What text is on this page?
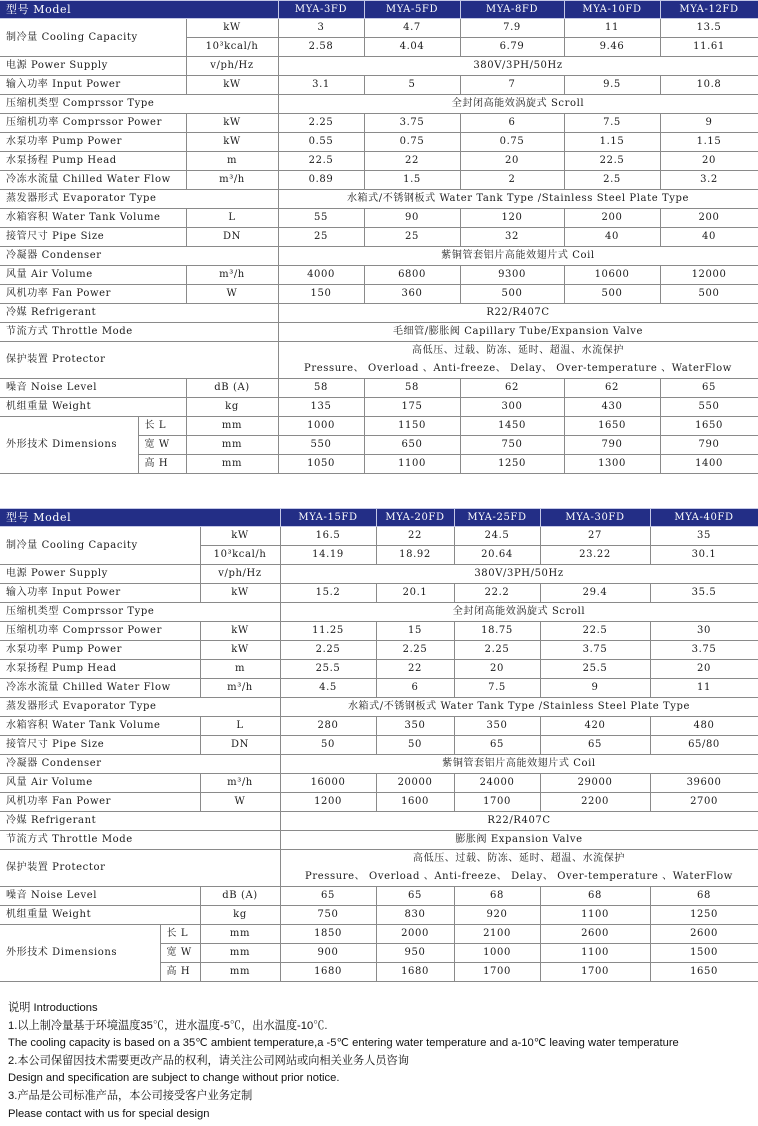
型号 Model			MYA-3FD	MYA-5FD	MYA-8FD	MYA-10FD	MYA-12FD
制冷量 Cooling Capacity		kW	3	4.7	7.9	11	13.5
		10³kcal/h	2.58	4.04	6.79	9.46	11.61
电源 Power Supply		v/ph/Hz	380V/3PH/50Hz				
输入功率 Input Power		kW	3.1	5	7	9.5	10.8
压缩机类型 Comprssor Type			全封闭高能效涡旋式 Scroll				
压缩机功率 Comprssor Power		kW	2.25	3.75	6	7.5	9
水泵功率 Pump Power		kW	0.55	0.75	0.75	1.15	1.15
水泵扬程 Pump Head		m	22.5	22	20	22.5	20
冷冻水流量 Chilled Water Flow		m³/h	0.89	1.5	2	2.5	3.2
蒸发器形式 Evaporator Type			水箱式/不锈钢板式 Water Tank Type /Stainless Steel Plate Type				
水箱容积 Water Tank Volume		L	55	90	120	200	200
接管尺寸 Pipe Size		DN	25	25	32	40	40
冷凝器 Condenser			紫铜管套铝片高能效翅片式 Coil				
风量 Air Volume		m³/h	4000	6800	9300	10600	12000
风机功率 Fan Power		W	150	360	500	500	500
冷媒 Refrigerant			R22/R407C				
节流方式 Throttle Mode			毛细管/膨胀阀 Capillary Tube/Expansion Valve				
保护装置 Protector			高低压、过载、防冻、延时、超温、水流保护
Pressure、 Overload 、Anti-freeze、 Delay、 Over-temperature 、WaterFlow				

噪音 Noise Level		dB (A)	58	58	62	62	65
机组重量 Weight		kg	135	175	300	430	550
外形技术 Dimensions	长 L	mm	1000	1150	1450	1650	1650
	宽 W	mm	550	650	750	790	790
	高 H	mm	1050	1100	1250	1300	1400
型号 Model			MYA-15FD	MYA-20FD	MYA-25FD	MYA-30FD	MYA-40FD
制冷量 Cooling Capacity		kW	16.5	22	24.5	27	35
		10³kcal/h	14.19	18.92	20.64	23.22	30.1
电源 Power Supply		v/ph/Hz	380V/3PH/50Hz				
输入功率 Input Power		kW	15.2	20.1	22.2	29.4	35.5
压缩机类型 Comprssor Type			全封闭高能效涡旋式 Scroll				
压缩机功率 Comprssor Power		kW	11.25	15	18.75	22.5	30
水泵功率 Pump Power		kW	2.25	2.25	2.25	3.75	3.75
水泵扬程 Pump Head		m	25.5	22	20	25.5	20
冷冻水流量 Chilled Water Flow		m³/h	4.5	6	7.5	9	11
蒸发器形式 Evaporator Type			水箱式/不锈钢板式 Water Tank Type /Stainless Steel Plate Type				
水箱容积 Water Tank Volume		L	280	350	350	420	480
接管尺寸 Pipe Size		DN	50	50	65	65	65/80
冷凝器 Condenser			紫铜管套铝片高能效翅片式 Coil				
风量 Air Volume		m³/h	16000	20000	24000	29000	39600
风机功率 Fan Power		W	1200	1600	1700	2200	2700
冷媒 Refrigerant			R22/R407C				
节流方式 Throttle Mode			膨胀阀 Expansion Valve				
保护装置 Protector			高低压、过载、防冻、延时、超温、水流保护
Pressure、 Overload 、Anti-freeze、 Delay、 Over-temperature 、WaterFlow				

噪音 Noise Level		dB (A)	65	65	68	68	68
机组重量 Weight		kg	750	830	920	1100	1250
外形技术 Dimensions	长 L	mm	1850	2000	2100	2600	2600
	宽 W	mm	900	950	1000	1100	1500
	高 H	mm	1680	1680	1700	1700	1650
说明 Introductions
1.以上制冷量基于环境温度35℃，进水温度-5℃，出水温度-10℃.
The cooling capacity is based on a 35℃ ambient temperature,a -5℃ entering water temperature and a-10℃ leaving water temperature
2.本公司保留因技术需要更改产品的权利，请关注公司网站或向相关业务人员咨询
Design and specification are subject to change without prior notice.
3.产品是公司标准产品，本公司接受客户业务定制
Please contact with us for special design
